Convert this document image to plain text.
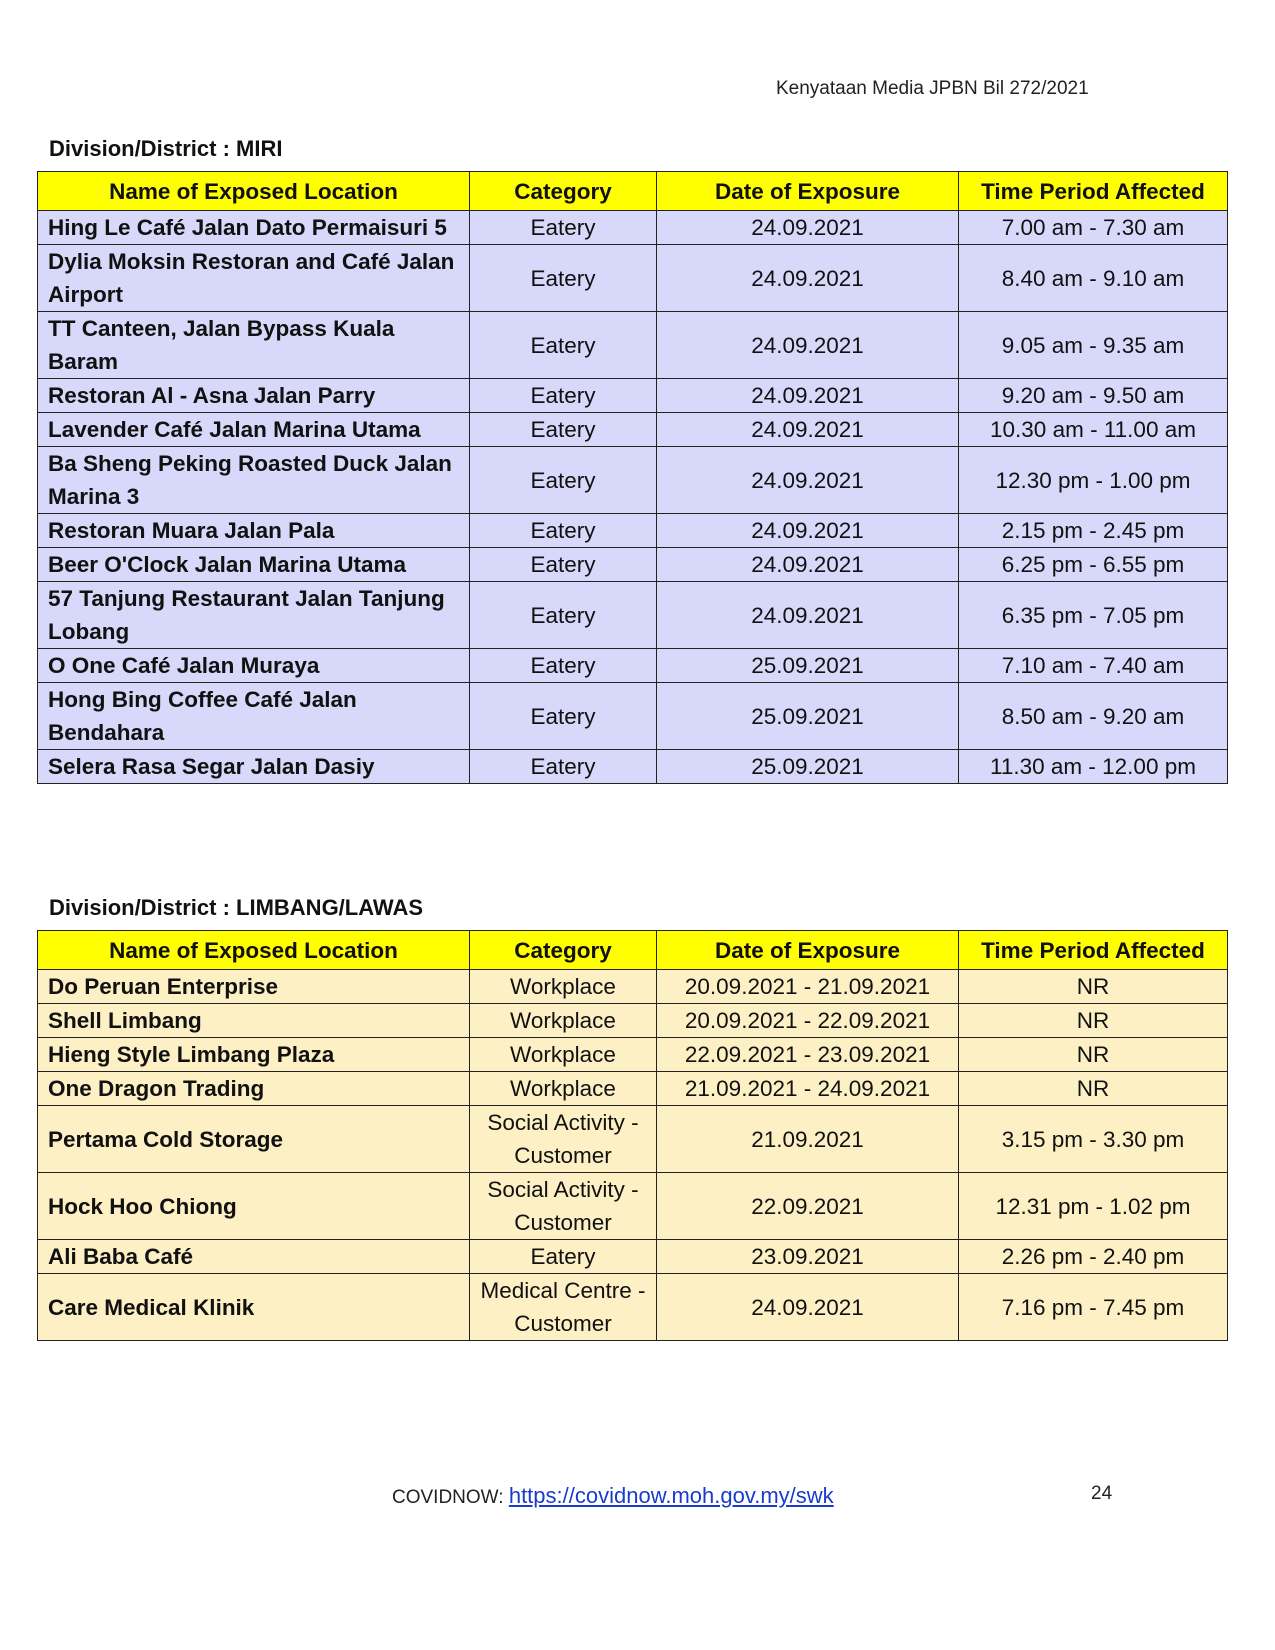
Kenyataan Media JPBN Bil 272/2021
Division/District : MIRI
Name of Exposed Location	Category	Date of Exposure	Time Period Affected
Hing Le Café Jalan Dato Permaisuri 5	Eatery	24.09.2021	7.00 am - 7.30 am
Dylia Moksin Restoran and Café Jalan Airport	Eatery	24.09.2021	8.40 am - 9.10 am
TT Canteen, Jalan Bypass Kuala Baram	Eatery	24.09.2021	9.05 am - 9.35 am
Restoran Al - Asna Jalan Parry	Eatery	24.09.2021	9.20 am - 9.50 am
Lavender Café Jalan Marina Utama	Eatery	24.09.2021	10.30 am - 11.00 am
Ba Sheng Peking Roasted Duck Jalan Marina 3	Eatery	24.09.2021	12.30 pm - 1.00 pm
Restoran Muara Jalan Pala	Eatery	24.09.2021	2.15 pm - 2.45 pm
Beer O'Clock Jalan Marina Utama	Eatery	24.09.2021	6.25 pm - 6.55 pm
57 Tanjung Restaurant Jalan Tanjung Lobang	Eatery	24.09.2021	6.35 pm - 7.05 pm
O One Café Jalan Muraya	Eatery	25.09.2021	7.10 am - 7.40 am
Hong Bing Coffee Café Jalan Bendahara	Eatery	25.09.2021	8.50 am - 9.20 am
Selera Rasa Segar Jalan Dasiy	Eatery	25.09.2021	11.30 am - 12.00 pm
Division/District : LIMBANG/LAWAS
Name of Exposed Location	Category	Date of Exposure	Time Period Affected
Do Peruan Enterprise	Workplace	20.09.2021 - 21.09.2021	NR
Shell Limbang	Workplace	20.09.2021 - 22.09.2021	NR
Hieng Style Limbang Plaza	Workplace	22.09.2021 - 23.09.2021	NR
One Dragon Trading	Workplace	21.09.2021 - 24.09.2021	NR
Pertama Cold Storage	Social Activity - Customer	21.09.2021	3.15 pm - 3.30 pm
Hock Hoo Chiong	Social Activity - Customer	22.09.2021	12.31 pm - 1.02 pm
Ali Baba Café	Eatery	23.09.2021	2.26 pm - 2.40 pm
Care Medical Klinik	Medical Centre - Customer	24.09.2021	7.16 pm - 7.45 pm
COVIDNOW: https://covidnow.moh.gov.my/swk	24
